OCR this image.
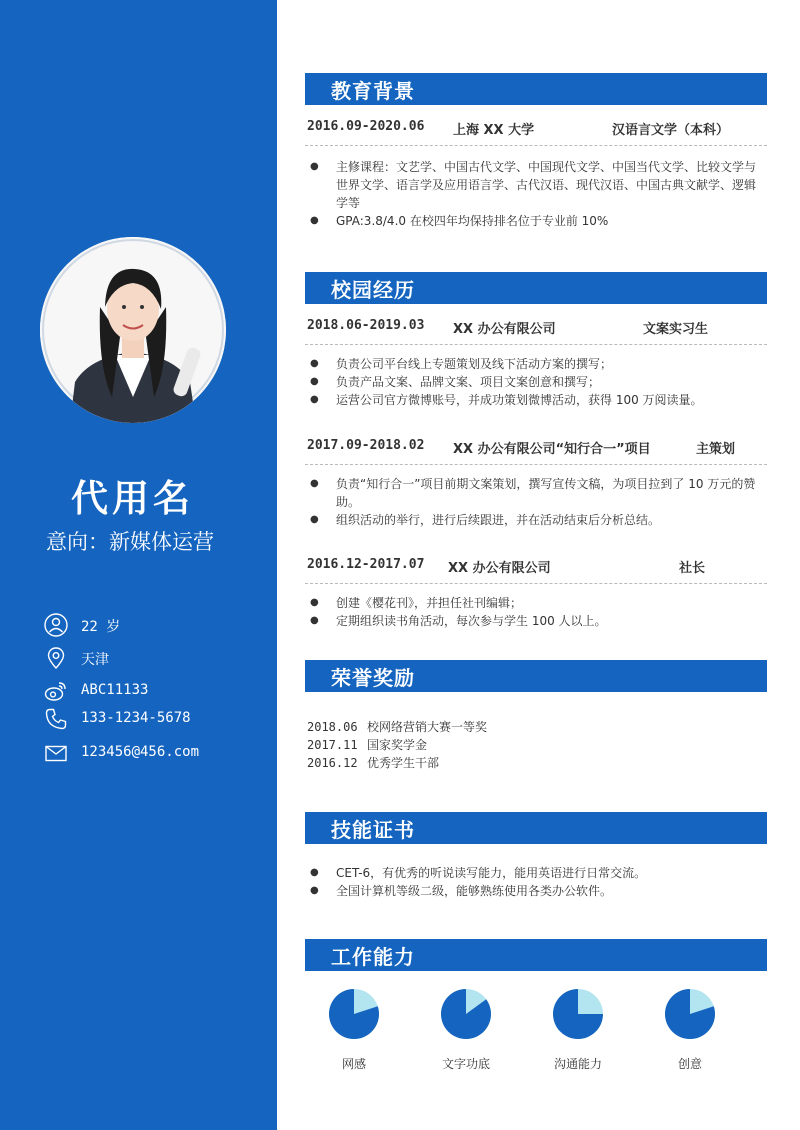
代用名
意向：新媒体运营
22 岁
天津
ABC11133
133-1234-5678
123456@456.com
教育背景
2016.09-2020.06 上海 XX 大学	汉语言文学（本科）
● 主修课程：文艺学、中国古代文学、中国现代文学、中国当代文学、比较文学与世界文学、语言学及应用语言学、古代汉语、现代汉语、中国古典文献学、逻辑学等
● GPA:3.8/4.0 在校四年均保持排名位于专业前 10%
校园经历
2018.06-2019.03 XX 办公有限公司	文案实习生
● 负责公司平台线上专题策划及线下活动方案的撰写；
● 负责产品文案、品牌文案、项目文案创意和撰写；
● 运营公司官方微博账号，并成功策划微博活动，获得 100 万阅读量。
2017.09-2018.02 XX 办公有限公司“知行合一”项目	主策划
● 负责“知行合一”项目前期文案策划，撰写宣传文稿，为项目拉到了 10 万元的赞助。
● 组织活动的举行，进行后续跟进，并在活动结束后分析总结。
2016.12-2017.07 XX 办公有限公司	社长
● 创建《樱花刊》，并担任社刊编辑；
● 定期组织读书角活动，每次参与学生 100 人以上。
荣誉奖励
2018.06 校网络营销大赛一等奖
2017.11 国家奖学金
2016.12 优秀学生干部
技能证书
● CET-6，有优秀的听说读写能力，能用英语进行日常交流。
● 全国计算机等级二级，能够熟练使用各类办公软件。
工作能力
网感	文字功底	沟通能力	创意
